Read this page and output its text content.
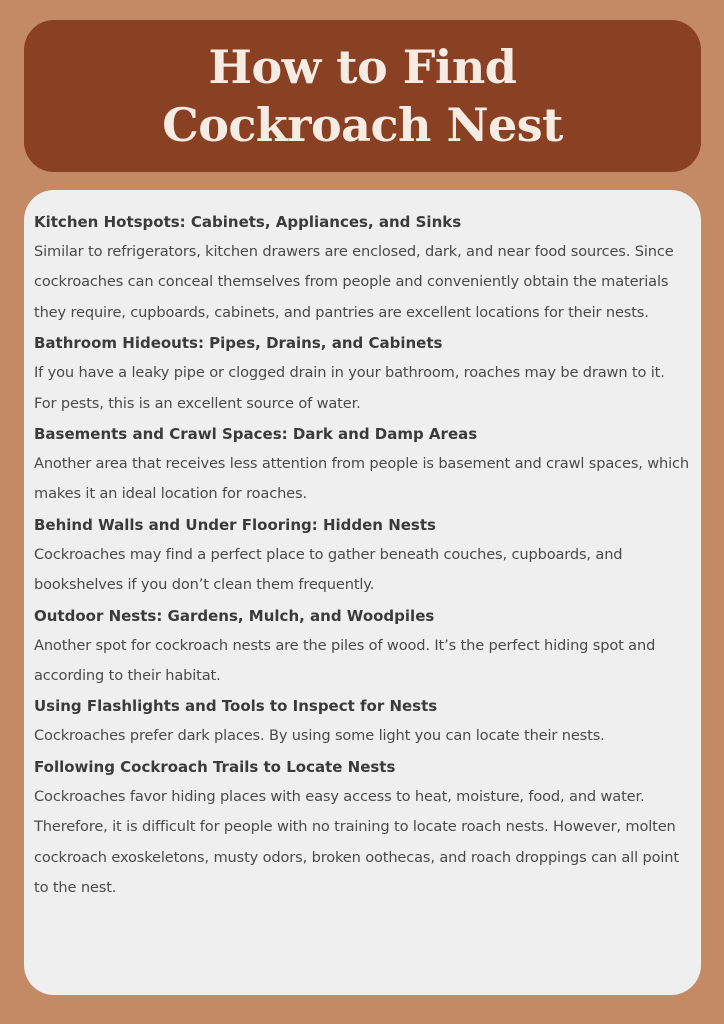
How to Find
Cockroach Nest
Kitchen Hotspots: Cabinets, Appliances, and Sinks
Similar to refrigerators, kitchen drawers are enclosed, dark, and near food sources. Since cockroaches can conceal themselves from people and conveniently obtain the materials they require, cupboards, cabinets, and pantries are excellent locations for their nests.
Bathroom Hideouts: Pipes, Drains, and Cabinets
If you have a leaky pipe or clogged drain in your bathroom, roaches may be drawn to it. For pests, this is an excellent source of water.
Basements and Crawl Spaces: Dark and Damp Areas
Another area that receives less attention from people is basement and crawl spaces, which makes it an ideal location for roaches.
Behind Walls and Under Flooring: Hidden Nests
Cockroaches may find a perfect place to gather beneath couches, cupboards, and bookshelves if you don’t clean them frequently.
Outdoor Nests: Gardens, Mulch, and Woodpiles
Another spot for cockroach nests are the piles of wood. It’s the perfect hiding spot and according to their habitat.
Using Flashlights and Tools to Inspect for Nests
Cockroaches prefer dark places. By using some light you can locate their nests.
Following Cockroach Trails to Locate Nests
Cockroaches favor hiding places with easy access to heat, moisture, food, and water. Therefore, it is difficult for people with no training to locate roach nests. However, molten cockroach exoskeletons, musty odors, broken oothecas, and roach droppings can all point to the nest.
